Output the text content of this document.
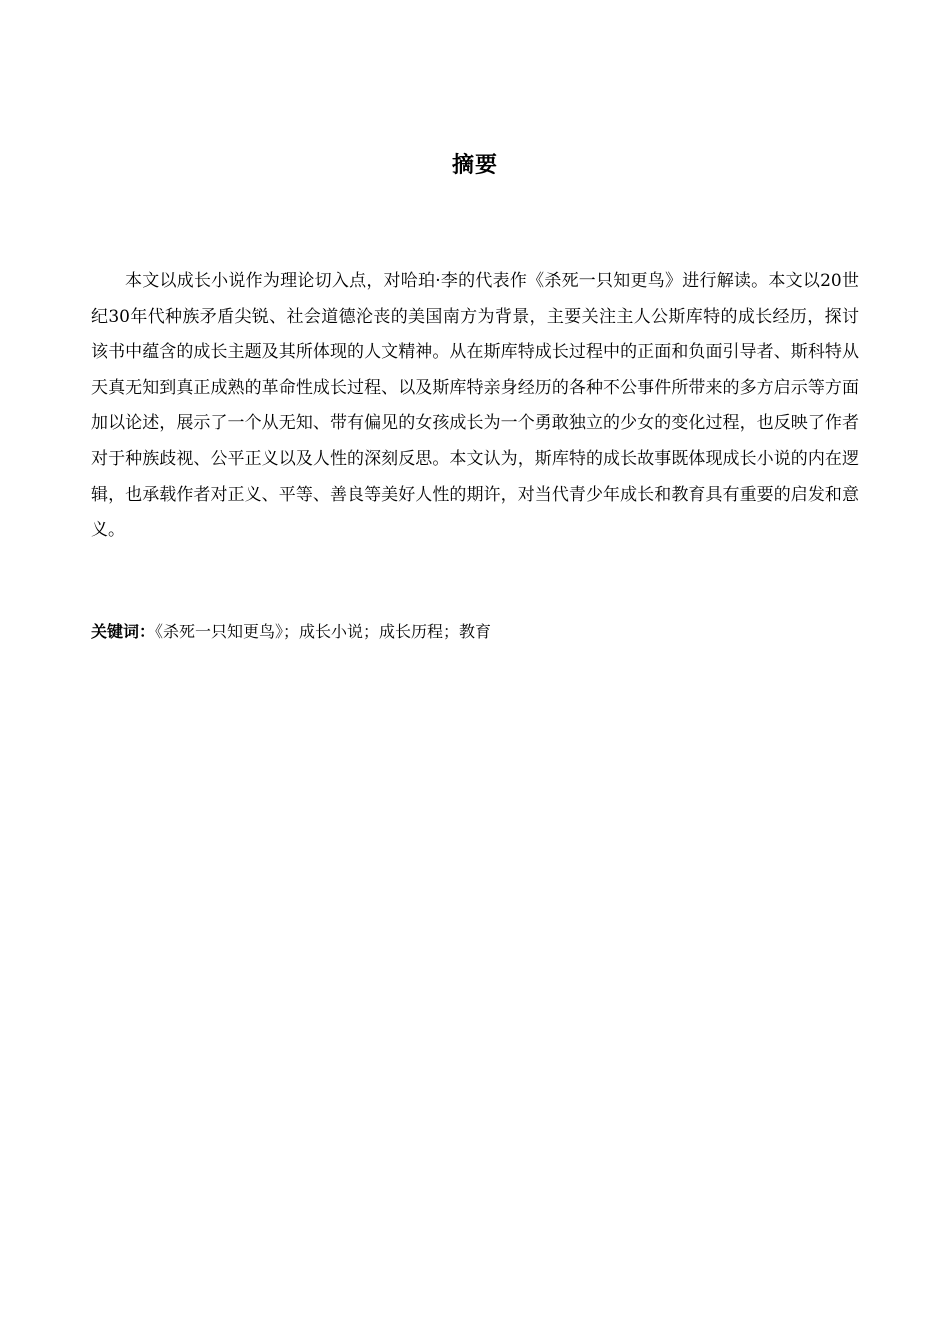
摘要

本文以成长小说作为理论切入点，对哈珀·李的代表作《杀死一只知更鸟》进行解读。本文以20世纪30年代种族矛盾尖锐、社会道德沦丧的美国南方为背景，主要关注主人公斯库特的成长经历，探讨该书中蕴含的成长主题及其所体现的人文精神。从在斯库特成长过程中的正面和负面引导者、斯科特从天真无知到真正成熟的革命性成长过程、以及斯库特亲身经历的各种不公事件所带来的多方启示等方面加以论述，展示了一个从无知、带有偏见的女孩成长为一个勇敢独立的少女的变化过程，也反映了作者对于种族歧视、公平正义以及人性的深刻反思。本文认为，斯库特的成长故事既体现成长小说的内在逻辑，也承载作者对正义、平等、善良等美好人性的期许，对当代青少年成长和教育具有重要的启发和意义。

关键词：《杀死一只知更鸟》；成长小说；成长历程；教育
